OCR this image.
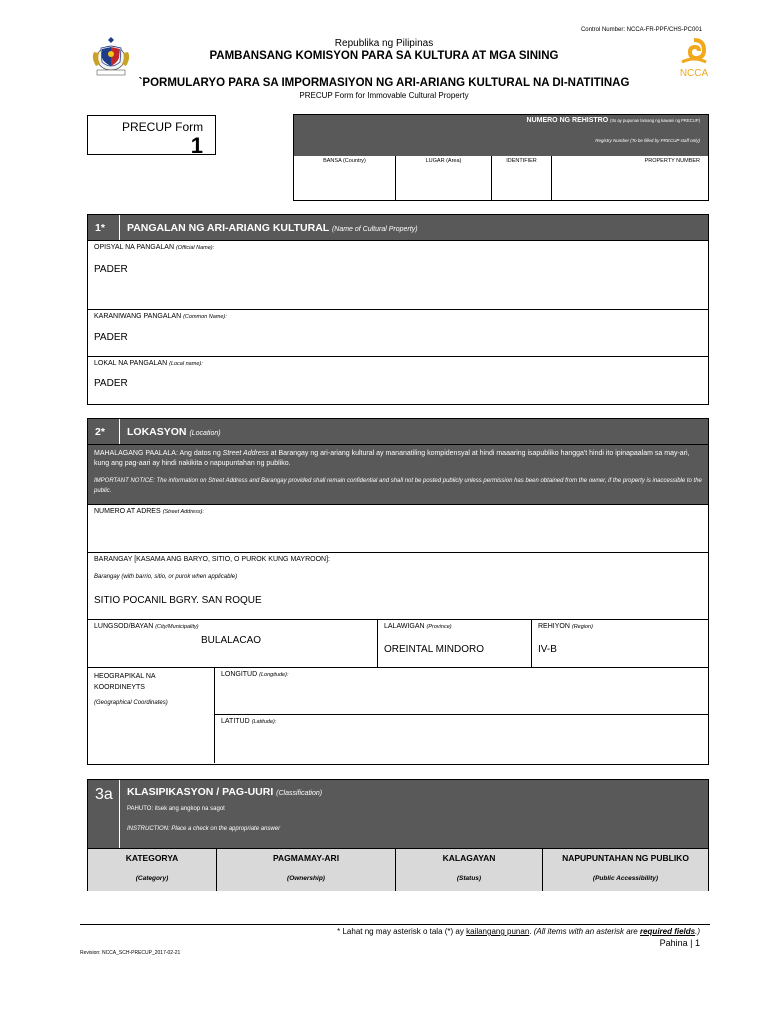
Control Number: NCCA-FR-PPF/CHS-PC001
NCCA
Republika ng Pilipinas
PAMBANSANG KOMISYON PARA SA KULTURA AT MGA SINING
`PORMULARYO PARA SA IMPORMASIYON NG ARI-ARIANG KULTURAL NA DI-NATITINAG
PRECUP Form for Immovable Cultural Property
PRECUP Form
1
NUMERO NG REHISTRO (Ito ay pupunan lamang ng kawani ng PRECUP)
Registry Number (To be filled by PRECUP staff only)
BANSA (Country)	LUGAR (Area)	IDENTIFIER	PROPERTY NUMBER
1*	PANGALAN NG ARI-ARIANG KULTURAL (Name of Cultural Property)
OPISYAL NA PANGALAN (Official Name):
PADER
KARANIWANG PANGALAN (Common Name):
PADER
LOKAL NA PANGALAN (Local name):
PADER
2*	LOKASYON (Location)
MAHALAGANG PAALALA: Ang datos ng Street Address at Barangay ng ari-ariang kultural ay mananatiling kompidensyal at hindi maaaring isapubliko hangga't hindi ito ipinapaalam sa may-ari, kung ang pag-aari ay hindi nakikita o napupuntahan ng publiko.
IMPORTANT NOTICE: The information on Street Address and Barangay provided shall remain confidential and shall not be posted publicly unless permission has been obtained from the owner, if the property is inaccessible to the public.
NUMERO AT ADRES (Street Address):
BARANGAY [KASAMA ANG BARYO, SITIO, O PUROK KUNG MAYROON]:
Barangay (with barrio, sitio, or purok when applicable)
SITIO POCANIL BGRY. SAN ROQUE
LUNGSOD/BAYAN (City/Municipality)
BULALACAO
LALAWIGAN (Province)
OREINTAL MINDORO
REHIYON (Region)
IV-B
HEOGRAPIKAL NA KOORDINEYTS
(Geographical Coordinates)
LONGITUD (Longitude):
LATITUD (Latitude):
3a	KLASIPIKASYON / PAG-UURI (Classification)
PAHUTO: itsek ang angkop na sagot
INSTRUCTION: Place a check on the appropriate answer
KATEGORYA
(Category)
PAGMAMAY-ARI
(Ownership)
KALAGAYAN
(Status)
NAPUPUNTAHAN NG PUBLIKO
(Public Accessibility)
* Lahat ng may asterisk o tala (*) ay kailangang punan. (All items with an asterisk are required fields.)
Pahina | 1
Revision: NCCA_SCH-PRECUP_2017-02-21
